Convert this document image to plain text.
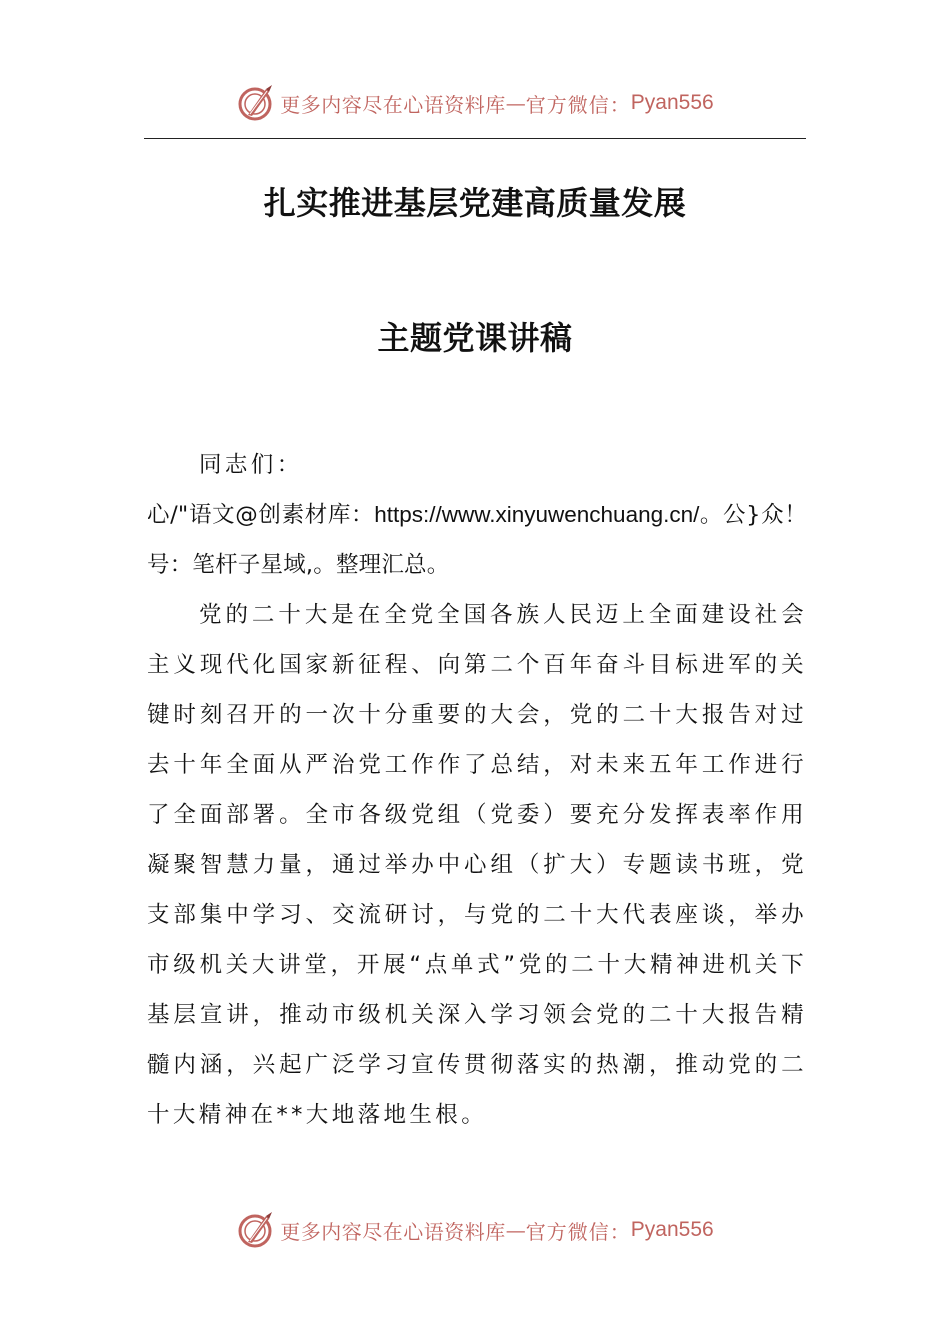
更多内容尽在心语资料库 — 官方微信： Pyan556
扎实推进基层党建高质量发展
主题党课讲稿

同志们：

心/"语文@创素材库：https://www.xinyuwenchuang.cn/。公}众！号：笔杆子星域,。整理汇总。

党的二十大是在全党全国各族人民迈上全面建设社会主义现代化国家新征程、向第二个百年奋斗目标进军的关键时刻召开的一次十分重要的大会，党的二十大报告对过去十年全面从严治党工作作了总结，对未来五年工作进行了全面部署。全市各级党组（党委）要充分发挥表率作用凝聚智慧力量，通过举办中心组（扩大）专题读书班，党支部集中学习、交流研讨，与党的二十大代表座谈，举办市级机关大讲堂，开展“点单式”党的二十大精神进机关下基层宣讲，推动市级机关深入学习领会党的二十大报告精髓内涵，兴起广泛学习宣传贯彻落实的热潮，推动党的二十大精神在**大地落地生根。

更多内容尽在心语资料库 — 官方微信： Pyan556
